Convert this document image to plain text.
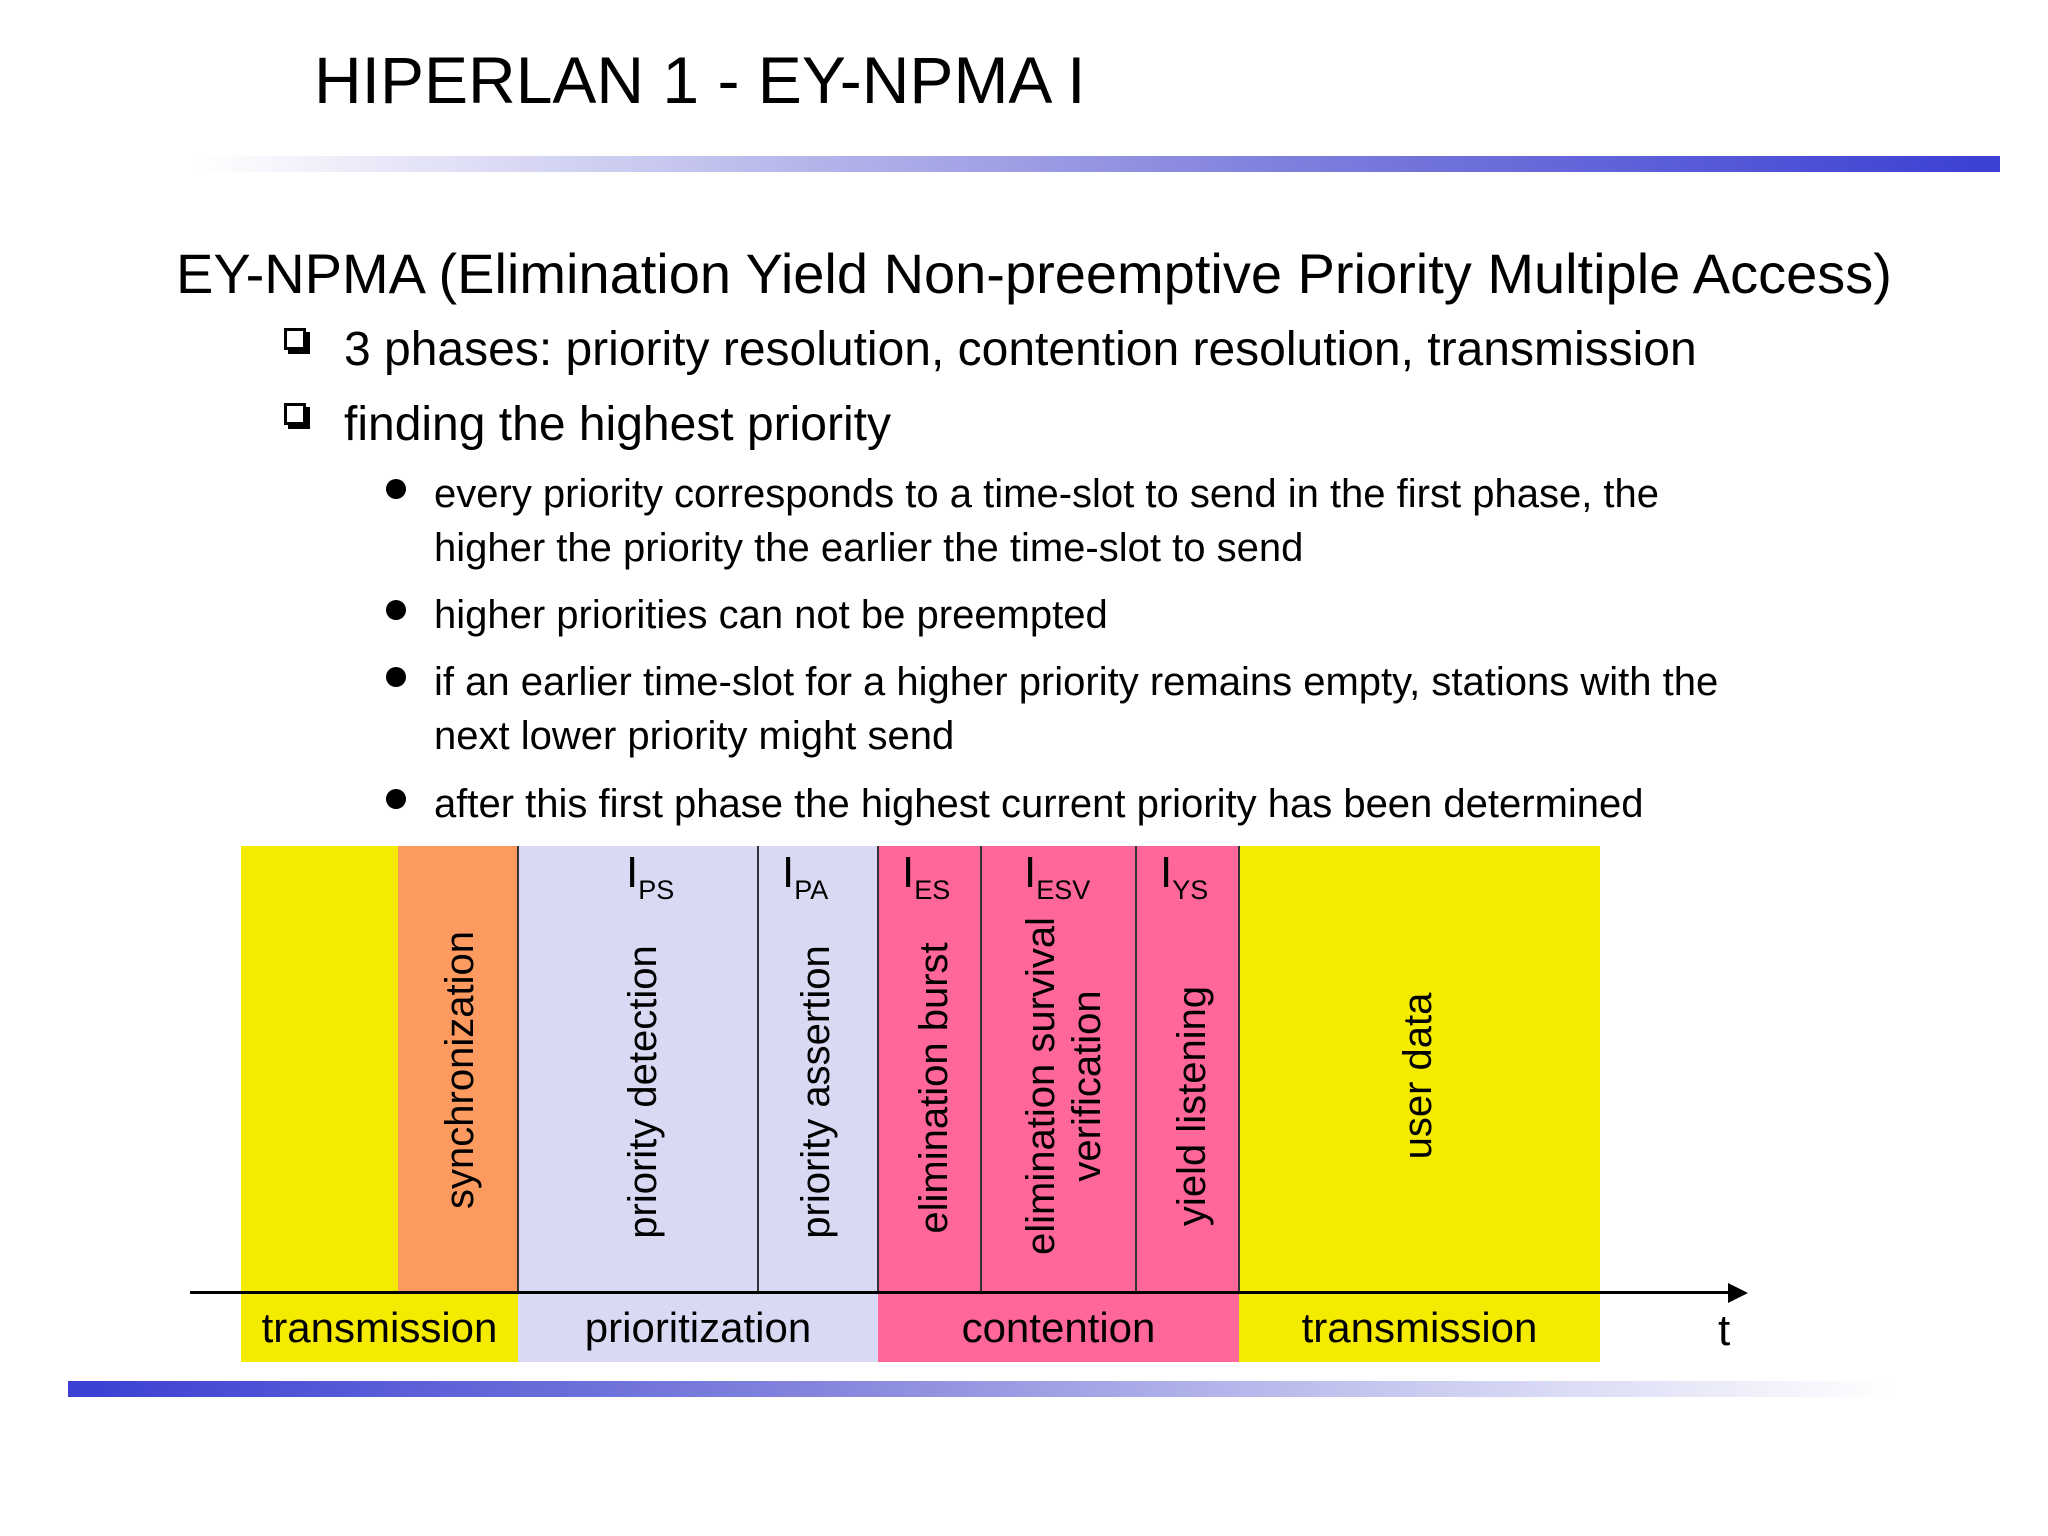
HIPERLAN 1 - EY-NPMA I
EY-NPMA (Elimination Yield Non-preemptive Priority Multiple Access)
3 phases: priority resolution, contention resolution, transmission
finding the highest priority
every priority corresponds to a time-slot to send in the first phase, the
higher the priority the earlier the time-slot to send
higher priorities can not be preempted
if an earlier time-slot for a higher priority remains empty, stations with the
next lower priority might send
after this first phase the highest current priority has been determined
$I_{PS}$ $I_{PA}$ $I_{ES}$ $I_{ESV}$ $I_{YS}$
synchronization	priority detection	priority assertion elimination burst elimination survival
verification yield listening	user data
transmission	prioritization	contention	transmission	t
